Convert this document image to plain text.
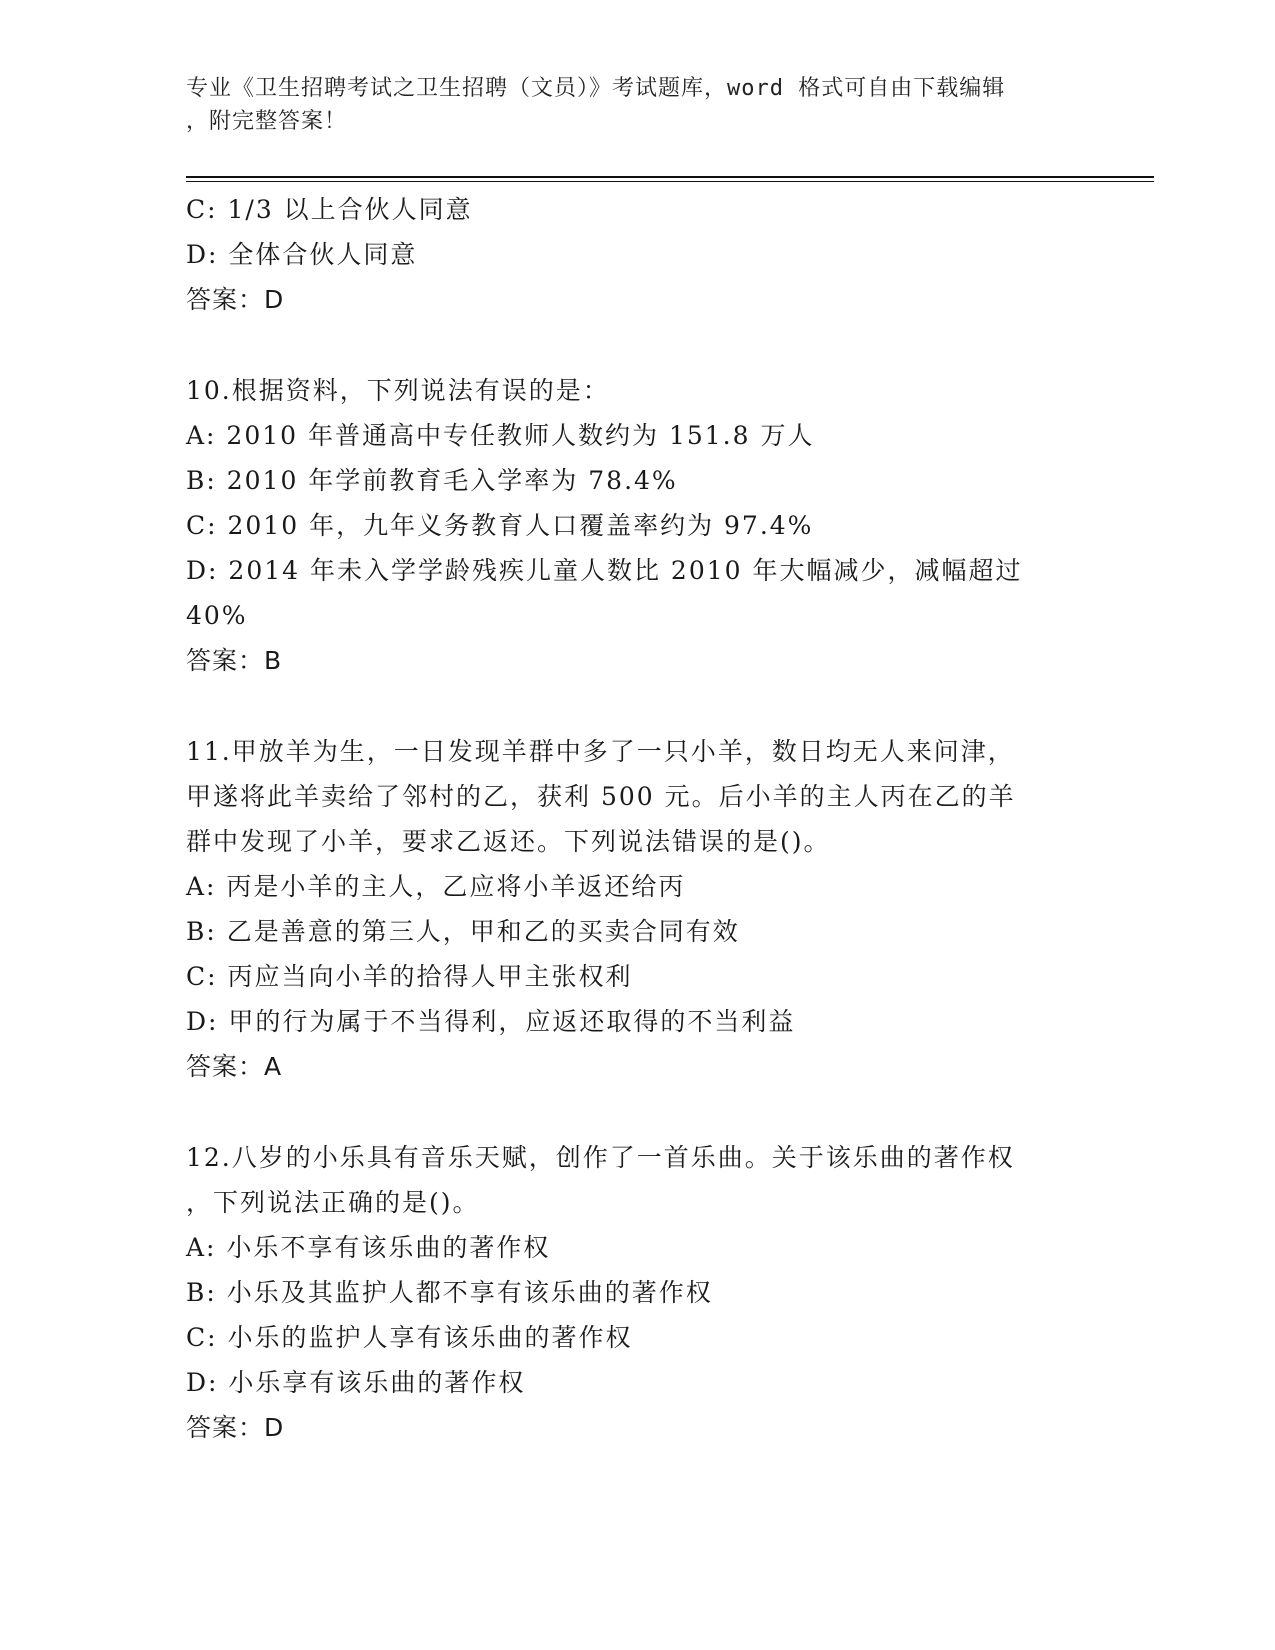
专业《卫生招聘考试之卫生招聘（文员）》考试题库，word 格式可自由下载编辑
，附完整答案！
C: 1/3 以上合伙人同意
D: 全体合伙人同意
答案：D
10.根据资料，下列说法有误的是：
A: 2010 年普通高中专任教师人数约为 151.8 万人
B: 2010 年学前教育毛入学率为 78.4%
C: 2010 年，九年义务教育人口覆盖率约为 97.4%
D: 2014 年未入学学龄残疾儿童人数比 2010 年大幅减少，减幅超过
40%
答案：B
11.甲放羊为生，一日发现羊群中多了一只小羊，数日均无人来问津，
甲遂将此羊卖给了邻村的乙，获利 500 元。后小羊的主人丙在乙的羊
群中发现了小羊，要求乙返还。下列说法错误的是()。
A: 丙是小羊的主人，乙应将小羊返还给丙
B: 乙是善意的第三人，甲和乙的买卖合同有效
C: 丙应当向小羊的拾得人甲主张权利
D: 甲的行为属于不当得利，应返还取得的不当利益
答案：A
12.八岁的小乐具有音乐天赋，创作了一首乐曲。关于该乐曲的著作权
，下列说法正确的是()。
A: 小乐不享有该乐曲的著作权
B: 小乐及其监护人都不享有该乐曲的著作权
C: 小乐的监护人享有该乐曲的著作权
D: 小乐享有该乐曲的著作权
答案：D
